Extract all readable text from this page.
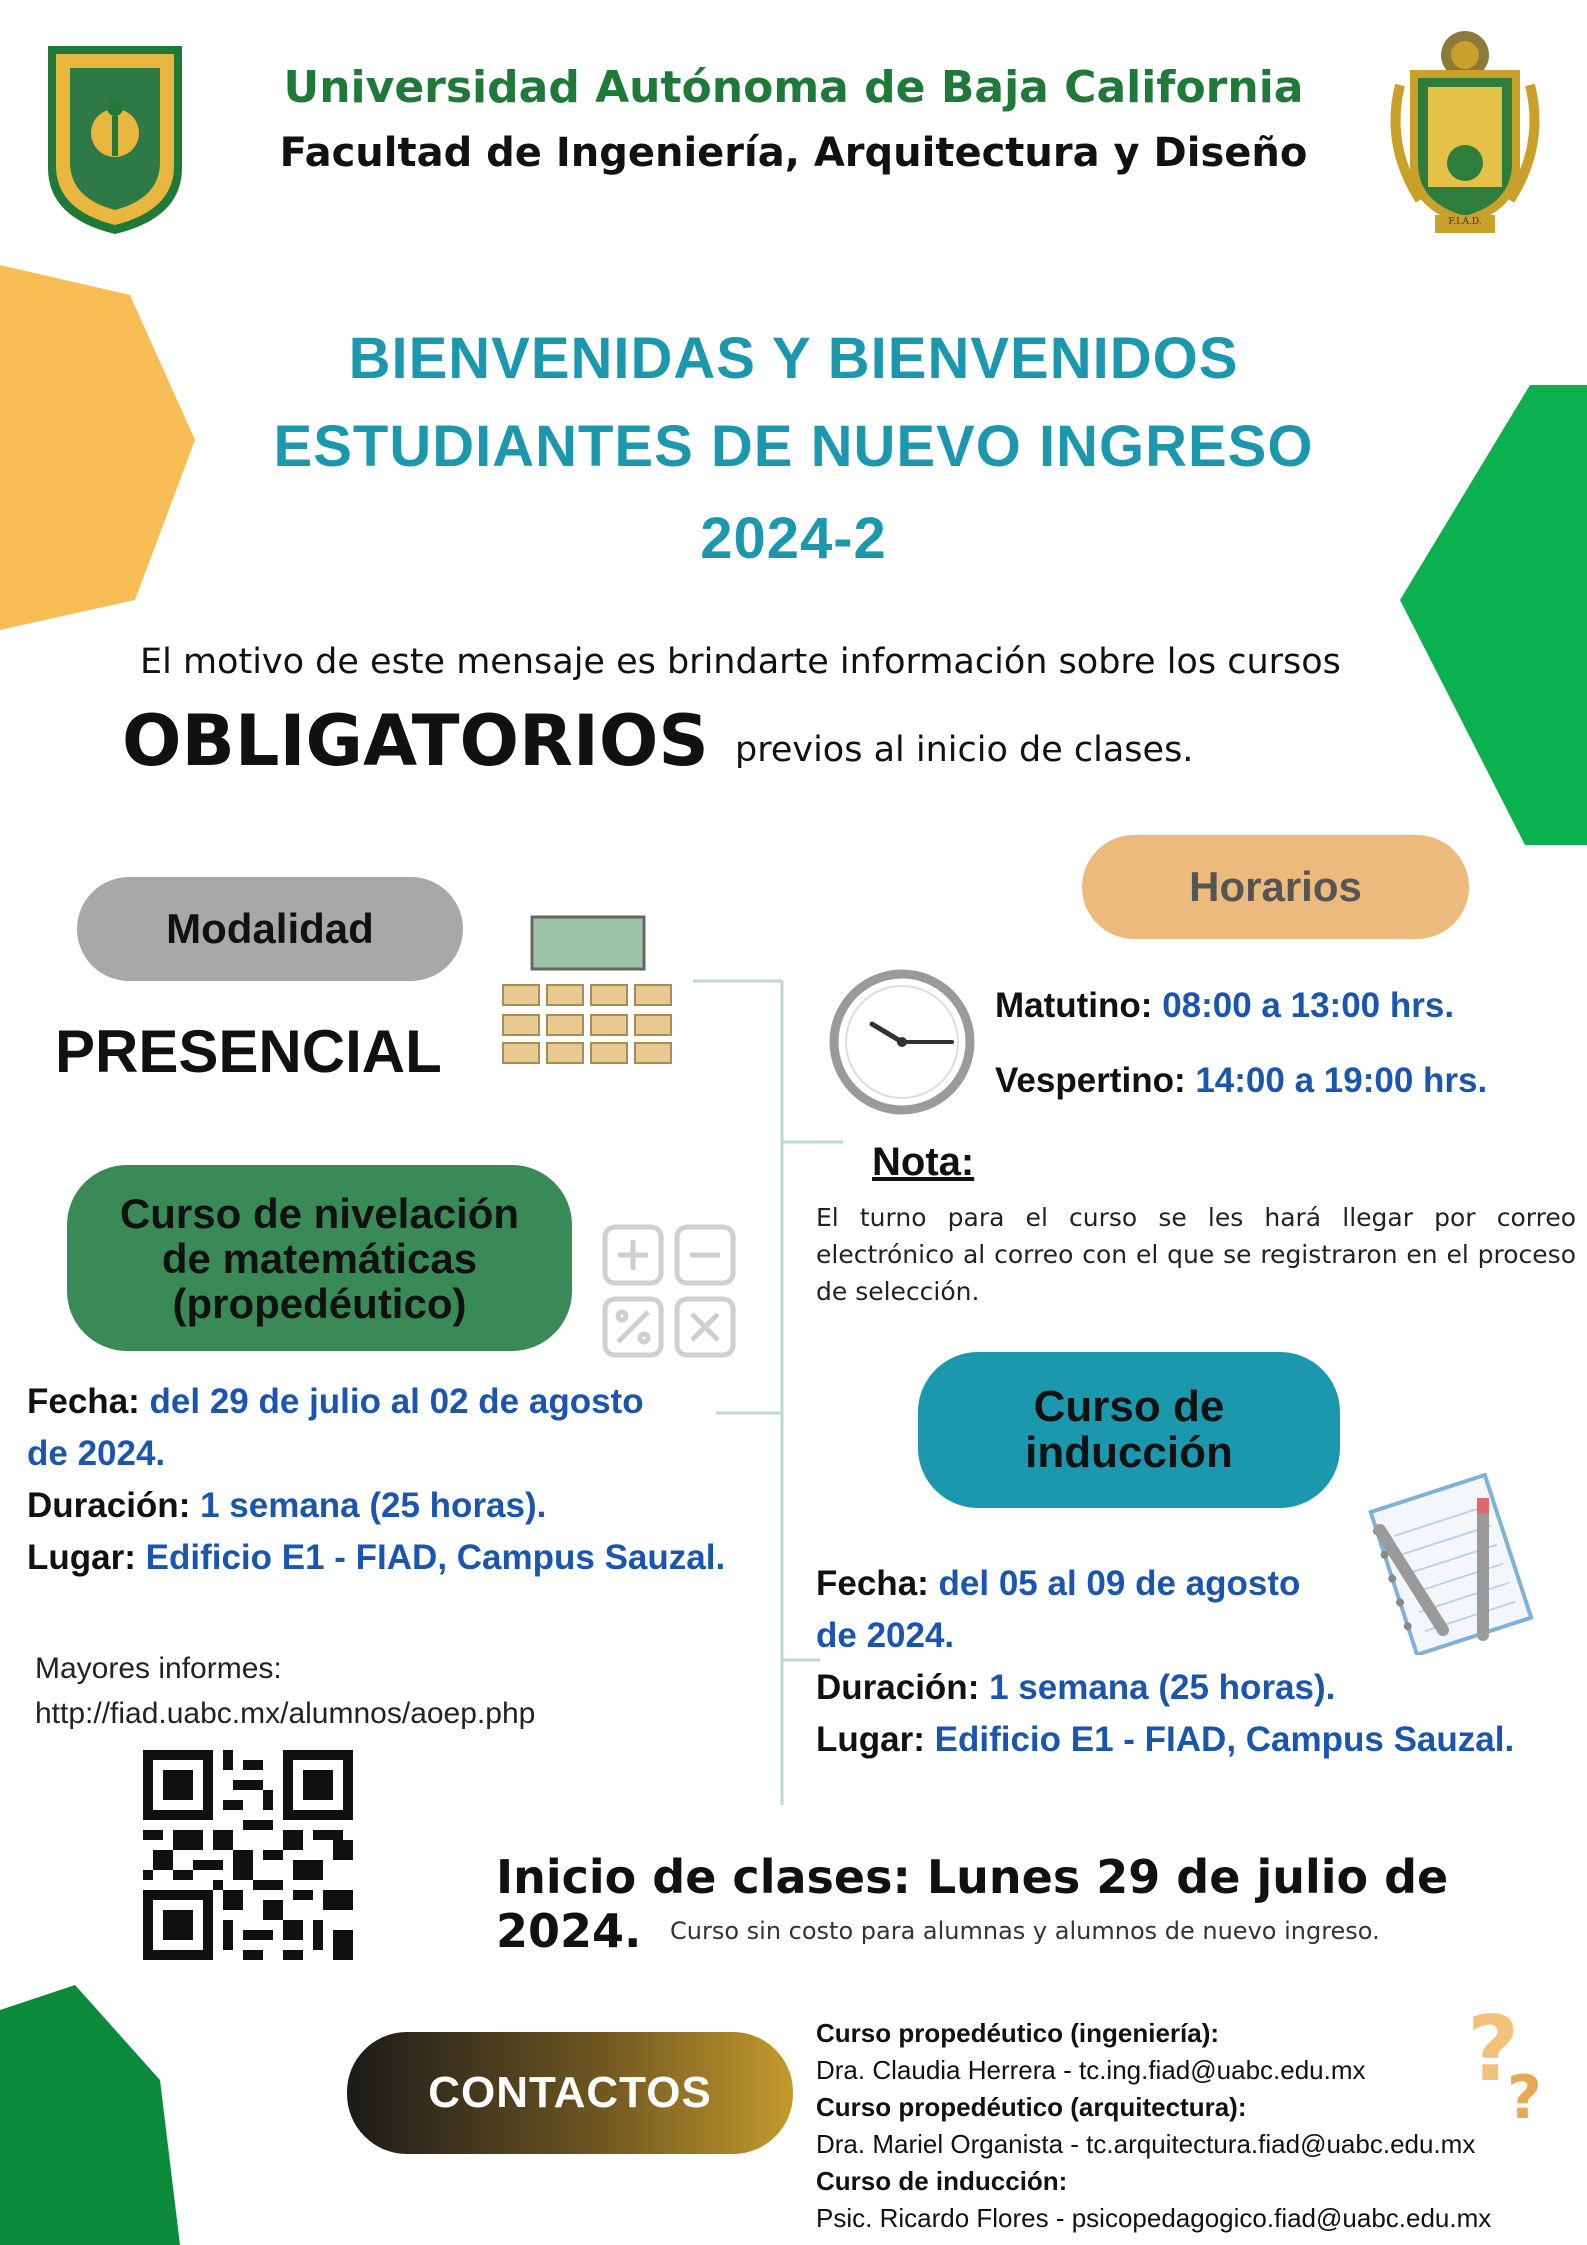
F.I.A.D.
Universidad Autónoma de Baja California
Facultad de Ingeniería, Arquitectura y Diseño
BIENVENIDAS Y BIENVENIDOS
ESTUDIANTES DE NUEVO INGRESO
2024-2
El motivo de este mensaje es brindarte información sobre los cursos
OBLIGATORIOS previos al inicio de clases.
Modalidad
PRESENCIAL
Horarios
Matutino: 08:00 a 13:00 hrs.
Vespertino: 14:00 a 19:00 hrs.
Nota:
El turno para el curso se les hará llegar por correo electrónico al correo con el que se registraron en el proceso de selección.
Curso de nivelación
de matemáticas
(propedéutico)
Fecha: del 29 de julio al 02 de agosto
de 2024.
Duración: 1 semana (25 horas).
Lugar: Edificio E1 - FIAD, Campus Sauzal.
Curso de
inducción
Fecha: del 05 al 09 de agosto
de 2024.
Duración: 1 semana (25 horas).
Lugar: Edificio E1 - FIAD, Campus Sauzal.
Mayores informes:
http://fiad.uabc.mx/alumnos/aoep.php
Inicio de clases: Lunes 29 de julio de 2024.	Curso sin costo para alumnas y alumnos de nuevo ingreso.
CONTACTOS	?
?
Curso propedéutico (ingeniería):
Dra. Claudia Herrera - tc.ing.fiad@uabc.edu.mx
Curso propedéutico (arquitectura):
Dra. Mariel Organista - tc.arquitectura.fiad@uabc.edu.mx
Curso de inducción:
Psic. Ricardo Flores - psicopedagogico.fiad@uabc.edu.mx
